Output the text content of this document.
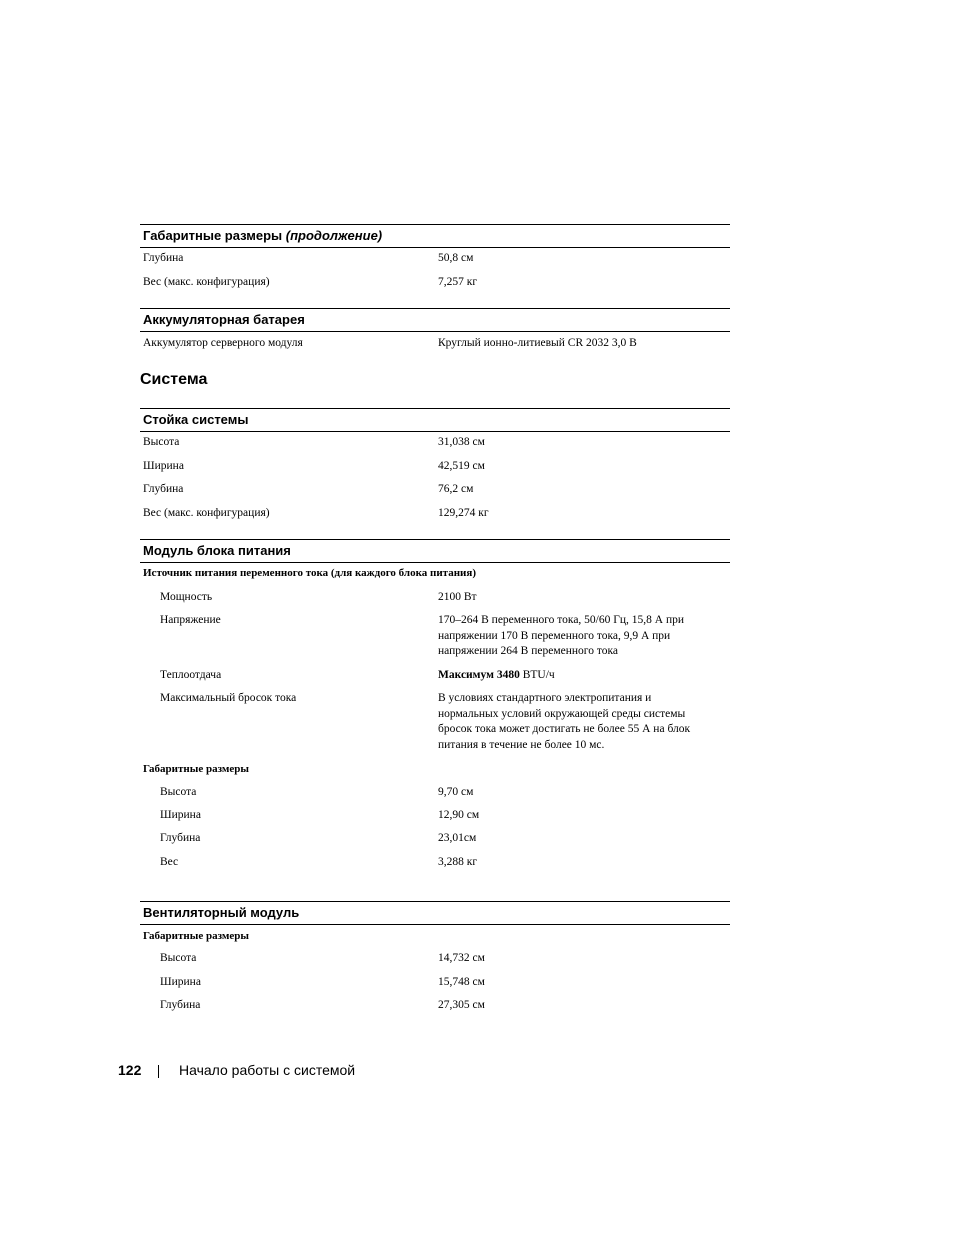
Габаритные размеры (продолжение)
Глубина	50,8 см
Вес (макс. конфигурация)	7,257 кг
Аккумуляторная батарея
Аккумулятор серверного модуля	Круглый ионно-литиевый CR 2032 3,0 В
Система
Стойка системы
Высота	31,038 см
Ширина	42,519 см
Глубина	76,2 см
Вес (макс. конфигурация)	129,274 кг
Модуль блока питания
Источник питания переменного тока (для каждого блока питания)
Мощность	2100 Вт
Напряжение	170–264 В переменного тока, 50/60 Гц, 15,8 А при напряжении 170 В переменного тока, 9,9 А при напряжении 264 В переменного тока
Теплоотдача	Максимум 3480 BTU/ч
Максимальный бросок тока	В условиях стандартного электропитания и нормальных условий окружающей среды системы бросок тока может достигать не более 55 А на блок питания в течение не более 10 мс.
Габаритные размеры
Высота	9,70 см
Ширина	12,90 см
Глубина	23,01см
Вес	3,288 кг
Вентиляторный модуль
Габаритные размеры
Высота	14,732 см
Ширина	15,748 см
Глубина	27,305 см
122	Начало работы с системой
